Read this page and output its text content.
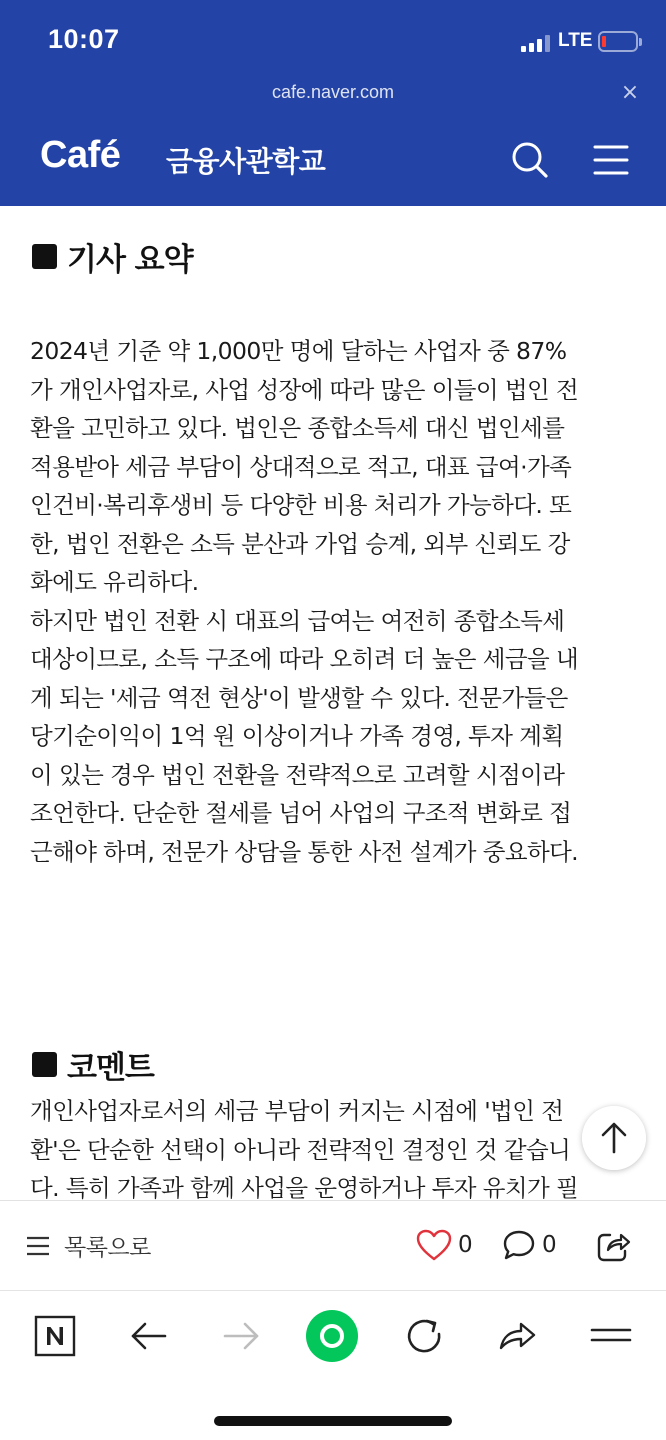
10:07	LTE
cafe.naver.com	×
Café 금융사관학교
기사 요약
2024년 기준 약 1,000만 명에 달하는 사업자 중 87%
가 개인사업자로, 사업 성장에 따라 많은 이들이 법인 전
환을 고민하고 있다. 법인은 종합소득세 대신 법인세를
적용받아 세금 부담이 상대적으로 적고, 대표 급여·가족
인건비·복리후생비 등 다양한 비용 처리가 가능하다. 또
한, 법인 전환은 소득 분산과 가업 승계, 외부 신뢰도 강
화에도 유리하다.
하지만 법인 전환 시 대표의 급여는 여전히 종합소득세
대상이므로, 소득 구조에 따라 오히려 더 높은 세금을 내
게 되는 '세금 역전 현상'이 발생할 수 있다. 전문가들은
당기순이익이 1억 원 이상이거나 가족 경영, 투자 계획
이 있는 경우 법인 전환을 전략적으로 고려할 시점이라
조언한다. 단순한 절세를 넘어 사업의 구조적 변화로 접
근해야 하며, 전문가 상담을 통한 사전 설계가 중요하다.
코멘트
개인사업자로서의 세금 부담이 커지는 시점에 '법인 전
환'은 단순한 선택이 아니라 전략적인 결정인 것 같습니
다. 특히 가족과 함께 사업을 운영하거나 투자 유치가 필
목록으로	0	0
